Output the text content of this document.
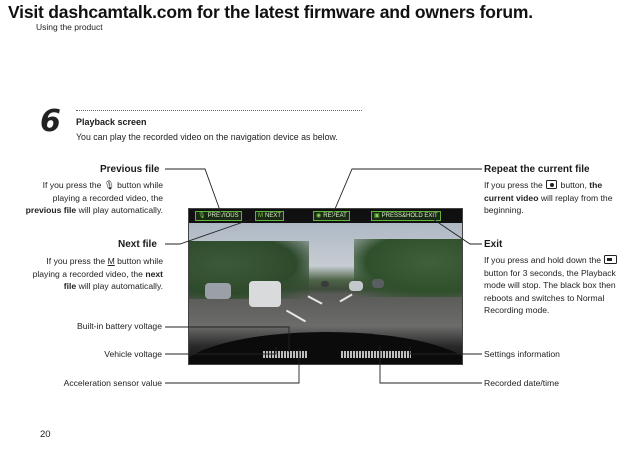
Visit dashcamtalk.com for the latest firmware and owners forum.
Using the product
6 Playback screen
You can play the recorded video on the navigation device as below.
Previous file
If you press the 🎙︎ button while playing a recorded video, the previous file will play automatically.
Next file
If you press the M button while playing a recorded video, the next file will play automatically.
Built-in battery voltage
Vehicle voltage
Acceleration sensor value
Repeat the current file
If you press the button, the current video will replay from the beginning.
Exit
If you press and hold down the  button for 3 seconds, the Playback mode will stop. The black box then reboots and switches to Normal Recording mode.
Settings information
Recorded date/time
🎙︎ PREVIOUS	M NEXT	◉ REPEAT	▣ PRESS&HOLD EXIT
20
